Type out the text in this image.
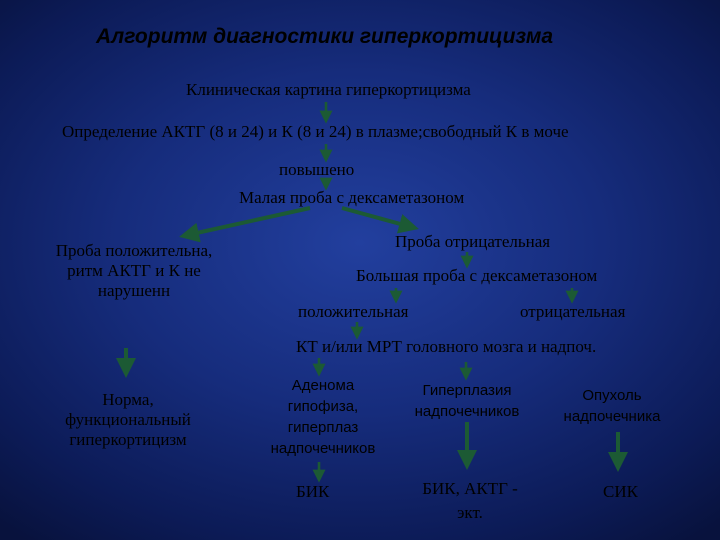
Алгоритм диагностики гиперкортицизма
Клиническая картина гиперкортицизма
Определение АКТГ (8 и 24) и К (8 и 24) в плазме;свободный К в моче
повышено
Малая проба с дексаметазоном
Проба положительна,
ритм АКТГ и К не
нарушенн
Проба отрицательная
Большая проба с дексаметазоном
положительная	отрицательная
КТ и/или МРТ головного мозга и надпоч.
Норма,
функциональный
гиперкортицизм
Аденома
гипофиза,
гиперплаз
надпочечников
Гиперплазия
надпочечников
Опухоль
надпочечника
БИК	БИК, АКТГ -
экт.
СИК
